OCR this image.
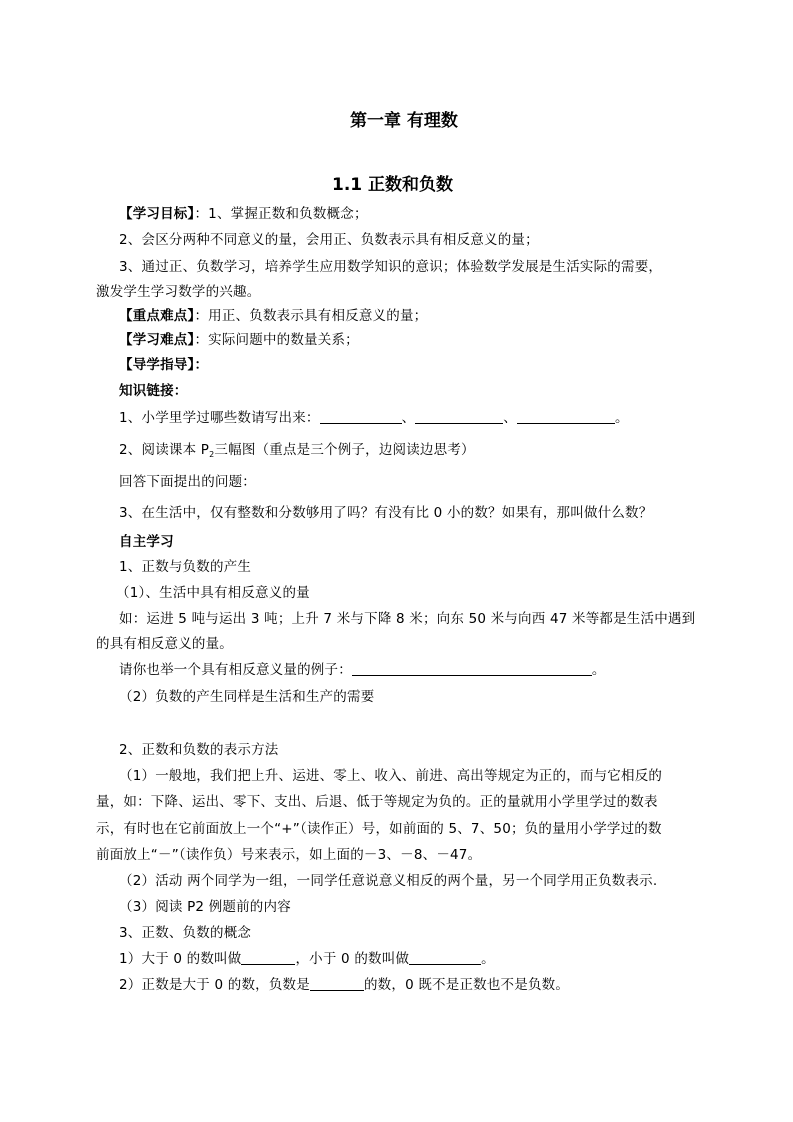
第一章 有理数
1.1 正数和负数
【学习目标】：1、掌握正数和负数概念；
2、会区分两种不同意义的量，会用正、负数表示具有相反意义的量；
3、通过正、负数学习，培养学生应用数学知识的意识；体验数学发展是生活实际的需要，
激发学生学习数学的兴趣。
【重点难点】：用正、负数表示具有相反意义的量；
【学习难点】：实际问题中的数量关系；
【导学指导】：
知识链接：
1、小学里学过哪些数请写出来：	、	、	。
2、阅读课本 $P_2$三幅图（重点是三个例子，边阅读边思考）
回答下面提出的问题：
3、在生活中，仅有整数和分数够用了吗？有没有比 0 小的数？如果有，那叫做什么数？
自主学习
1、正数与负数的产生
（1）、生活中具有相反意义的量
如：运进 5 吨与运出 3 吨；上升 7 米与下降 8 米；向东 50 米与向西 47 米等都是生活中遇到
的具有相反意义的量。
请你也举一个具有相反意义量的例子：	。
（2）负数的产生同样是生活和生产的需要
2、正数和负数的表示方法
（1）一般地，我们把上升、运进、零上、收入、前进、高出等规定为正的，而与它相反的
量，如：下降、运出、零下、支出、后退、低于等规定为负的。正的量就用小学里学过的数表
示，有时也在它前面放上一个“+”（读作正）号，如前面的 5、7、50；负的量用小学学过的数
前面放上“－”（读作负）号来表示，如上面的－3、－8、－47。
（2）活动 两个同学为一组，一同学任意说意义相反的两个量，另一个同学用正负数表示.
（3）阅读 P2 例题前的内容
3、正数、负数的概念
1）大于 0 的数叫做	，小于 0 的数叫做	。
2）正数是大于 0 的数，负数是	的数，0 既不是正数也不是负数。
